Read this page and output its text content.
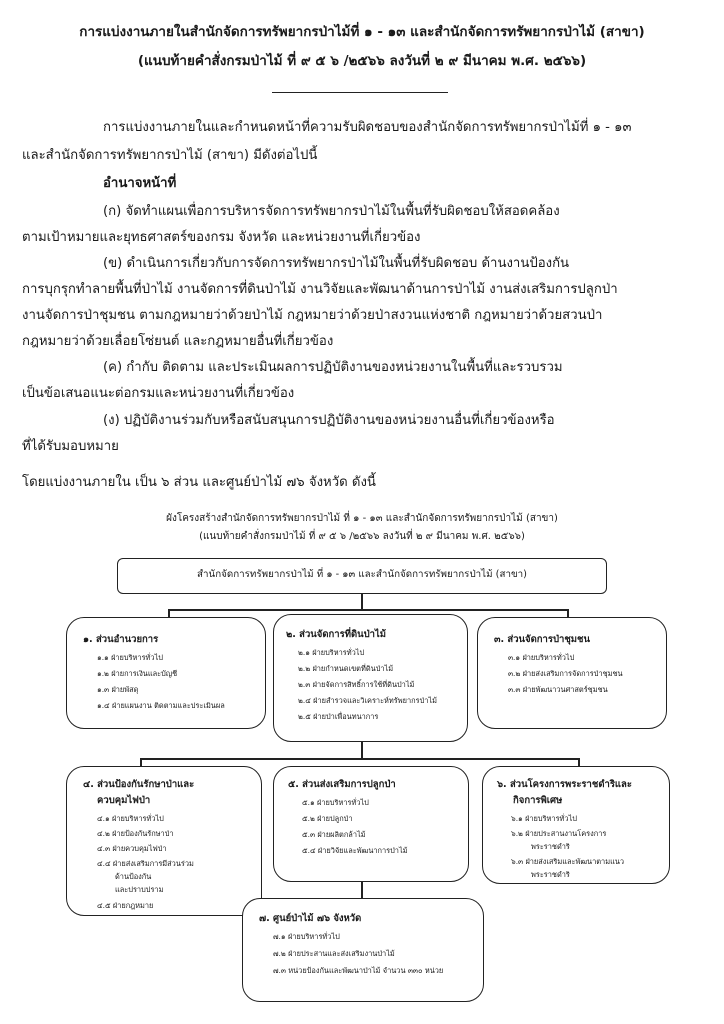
การแบ่งงานภายในสำนักจัดการทรัพยากรป่าไม้ที่ ๑ - ๑๓ และสำนักจัดการทรัพยากรป่าไม้ (สาขา)
(แนบท้ายคำสั่งกรมป่าไม้ ที่ ๙ ๕ ๖ /๒๕๖๖ ลงวันที่ ๒ ๙ มีนาคม พ.ศ. ๒๕๖๖)
การแบ่งงานภายในและกำหนดหน้าที่ความรับผิดชอบของสำนักจัดการทรัพยากรป่าไม้ที่ ๑ - ๑๓
และสำนักจัดการทรัพยากรป่าไม้ (สาขา) มีดังต่อไปนี้
อำนาจหน้าที่
(ก) จัดทำแผนเพื่อการบริหารจัดการทรัพยากรป่าไม้ในพื้นที่รับผิดชอบให้สอดคล้อง
ตามเป้าหมายและยุทธศาสตร์ของกรม จังหวัด และหน่วยงานที่เกี่ยวข้อง
(ข) ดำเนินการเกี่ยวกับการจัดการทรัพยากรป่าไม้ในพื้นที่รับผิดชอบ ด้านงานป้องกัน
การบุกรุกทำลายพื้นที่ป่าไม้ งานจัดการที่ดินป่าไม้ งานวิจัยและพัฒนาด้านการป่าไม้ งานส่งเสริมการปลูกป่า
งานจัดการป่าชุมชน ตามกฎหมายว่าด้วยป่าไม้ กฎหมายว่าด้วยป่าสงวนแห่งชาติ กฎหมายว่าด้วยสวนป่า
กฎหมายว่าด้วยเลื่อยโซ่ยนต์ และกฎหมายอื่นที่เกี่ยวข้อง
(ค) กำกับ ติดตาม และประเมินผลการปฏิบัติงานของหน่วยงานในพื้นที่และรวบรวม
เป็นข้อเสนอแนะต่อกรมและหน่วยงานที่เกี่ยวข้อง
(ง) ปฏิบัติงานร่วมกับหรือสนับสนุนการปฏิบัติงานของหน่วยงานอื่นที่เกี่ยวข้องหรือ
ที่ได้รับมอบหมาย
โดยแบ่งงานภายใน เป็น ๖ ส่วน และศูนย์ป่าไม้ ๗๖ จังหวัด ดังนี้
ผังโครงสร้างสำนักจัดการทรัพยากรป่าไม้ ที่ ๑ - ๑๓ และสำนักจัดการทรัพยากรป่าไม้ (สาขา)
(แนบท้ายคำสั่งกรมป่าไม้ ที่ ๙ ๕ ๖ /๒๕๖๖ ลงวันที่ ๒ ๙ มีนาคม พ.ศ. ๒๕๖๖)
สำนักจัดการทรัพยากรป่าไม้ ที่ ๑ - ๑๓ และสำนักจัดการทรัพยากรป่าไม้ (สาขา)
๑. ส่วนอำนวยการ
๑.๑ ฝ่ายบริหารทั่วไป
๑.๒ ฝ่ายการเงินและบัญชี
๑.๓ ฝ่ายพัสดุ
๑.๔ ฝ่ายแผนงาน ติดตามและประเมินผล
๒. ส่วนจัดการที่ดินป่าไม้
๒.๑ ฝ่ายบริหารทั่วไป
๒.๒ ฝ่ายกำหนดเขตที่ดินป่าไม้
๒.๓ ฝ่ายจัดการสิทธิ์การใช้ที่ดินป่าไม้
๒.๔ ฝ่ายสำรวจและวิเคราะห์ทรัพยากรป่าไม้
๒.๕ ฝ่ายป่าเพื่อนทนาการ
๓. ส่วนจัดการป่าชุมชน
๓.๑ ฝ่ายบริหารทั่วไป
๓.๒ ฝ่ายส่งเสริมการจัดการป่าชุมชน
๓.๓ ฝ่ายพัฒนาวนศาสตร์ชุมชน
๔. ส่วนป้องกันรักษาป่าและ
ควบคุมไฟป่า
๔.๑ ฝ่ายบริหารทั่วไป
๔.๒ ฝ่ายป้องกันรักษาป่า
๔.๓ ฝ่ายควบคุมไฟป่า
๔.๔ ฝ่ายส่งเสริมการมีส่วนร่วม
ด้านป้องกัน
และปราบปราม
๔.๕ ฝ่ายกฎหมาย
๕. ส่วนส่งเสริมการปลูกป่า
๕.๑ ฝ่ายบริหารทั่วไป
๕.๒ ฝ่ายปลูกป่า
๕.๓ ฝ่ายผลิตกล้าไม้
๕.๔ ฝ่ายวิจัยและพัฒนาการป่าไม้
๖. ส่วนโครงการพระราชดำริและ
กิจการพิเศษ
๖.๑ ฝ่ายบริหารทั่วไป
๖.๒ ฝ่ายประสานงานโครงการ
พระราชดำริ
๖.๓ ฝ่ายส่งเสริมและพัฒนาตามแนว
พระราชดำริ
๗. ศูนย์ป่าไม้ ๗๖ จังหวัด
๗.๑ ฝ่ายบริหารทั่วไป
๗.๒ ฝ่ายประสานและส่งเสริมงานป่าไม้
๗.๓ หน่วยป้องกันและพัฒนาป่าไม้ จำนวน ๓๓๐ หน่วย
